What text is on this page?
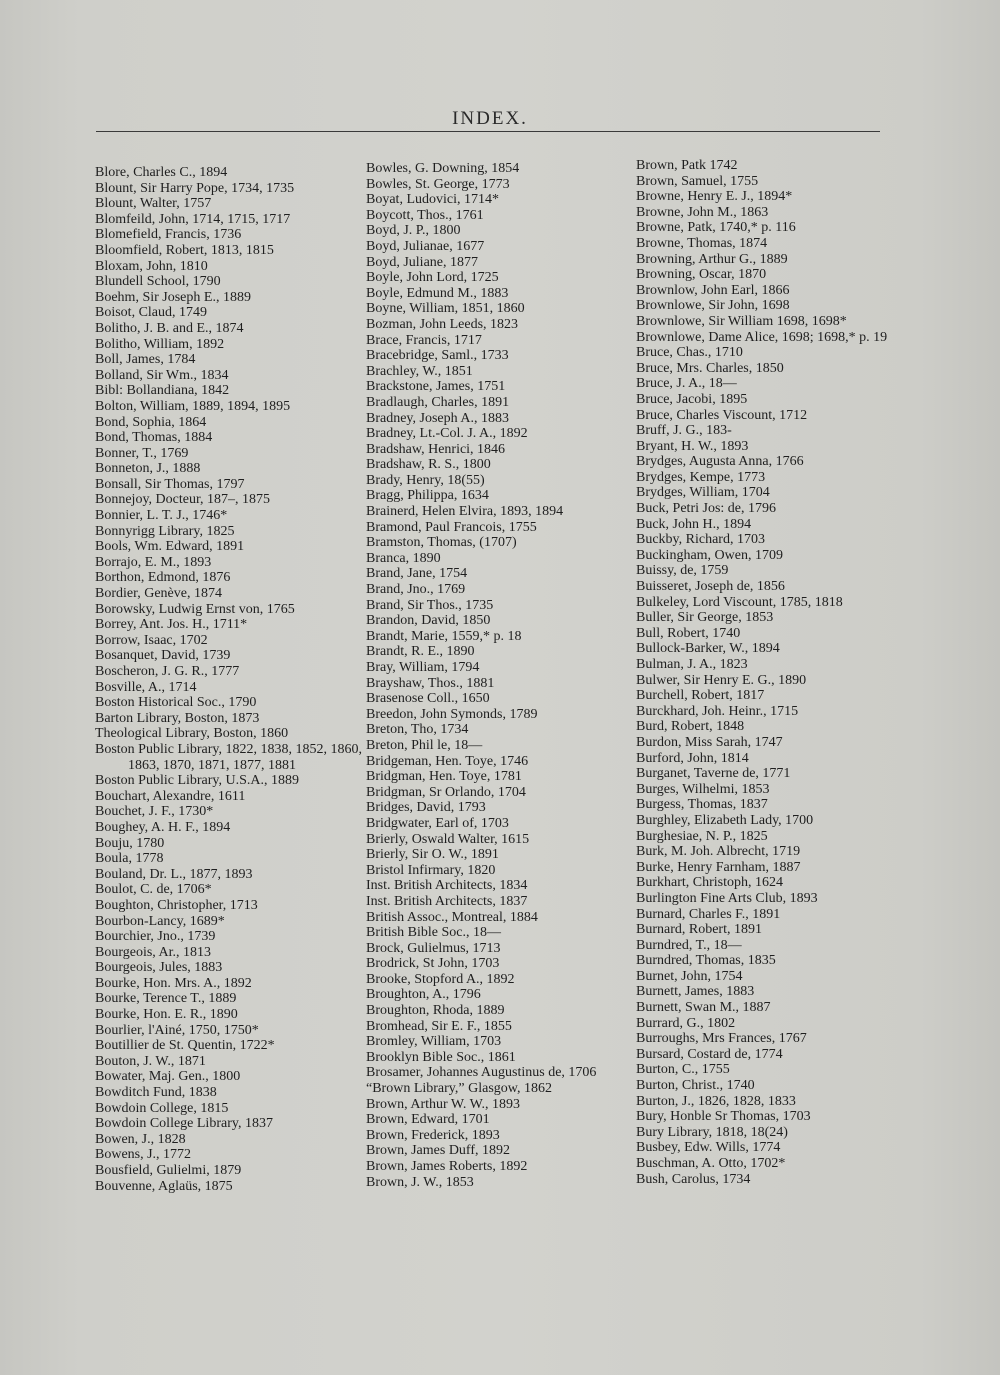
INDEX.
Blore, Charles C., 1894
Blount, Sir Harry Pope, 1734, 1735
Blount, Walter, 1757
Blomfeild, John, 1714, 1715, 1717
Blomefield, Francis, 1736
Bloomfield, Robert, 1813, 1815
Bloxam, John, 1810
Blundell School, 1790
Boehm, Sir Joseph E., 1889
Boisot, Claud, 1749
Bolitho, J. B. and E., 1874
Bolitho, William, 1892
Boll, James, 1784
Bolland, Sir Wm., 1834
Bibl: Bollandiana, 1842
Bolton, William, 1889, 1894, 1895
Bond, Sophia, 1864
Bond, Thomas, 1884
Bonner, T., 1769
Bonneton, J., 1888
Bonsall, Sir Thomas, 1797
Bonnejoy, Docteur, 187–, 1875
Bonnier, L. T. J., 1746*
Bonnyrigg Library, 1825
Bools, Wm. Edward, 1891
Borrajo, E. M., 1893
Borthon, Edmond, 1876
Bordier, Genève, 1874
Borowsky, Ludwig Ernst von, 1765
Borrey, Ant. Jos. H., 1711*
Borrow, Isaac, 1702
Bosanquet, David, 1739
Boscheron, J. G. R., 1777
Bosville, A., 1714
Boston Historical Soc., 1790
Barton Library, Boston, 1873
Theological Library, Boston, 1860
Boston Public Library, 1822, 1838, 1852, 1860, 1863, 1870, 1871, 1877, 1881
Boston Public Library, U.S.A., 1889
Bouchart, Alexandre, 1611
Bouchet, J. F., 1730*
Boughey, A. H. F., 1894
Bouju, 1780
Boula, 1778
Bouland, Dr. L., 1877, 1893
Boulot, C. de, 1706*
Boughton, Christopher, 1713
Bourbon-Lancy, 1689*
Bourchier, Jno., 1739
Bourgeois, Ar., 1813
Bourgeois, Jules, 1883
Bourke, Hon. Mrs. A., 1892
Bourke, Terence T., 1889
Bourke, Hon. E. R., 1890
Bourlier, l'Ainé, 1750, 1750*
Boutillier de St. Quentin, 1722*
Bouton, J. W., 1871
Bowater, Maj. Gen., 1800
Bowditch Fund, 1838
Bowdoin College, 1815
Bowdoin College Library, 1837
Bowen, J., 1828
Bowens, J., 1772
Bousfield, Gulielmi, 1879
Bouvenne, Aglaüs, 1875
Bowles, G. Downing, 1854
Bowles, St. George, 1773
Boyat, Ludovici, 1714*
Boycott, Thos., 1761
Boyd, J. P., 1800
Boyd, Julianae, 1677
Boyd, Juliane, 1877
Boyle, John Lord, 1725
Boyle, Edmund M., 1883
Boyne, William, 1851, 1860
Bozman, John Leeds, 1823
Brace, Francis, 1717
Bracebridge, Saml., 1733
Brachley, W., 1851
Brackstone, James, 1751
Bradlaugh, Charles, 1891
Bradney, Joseph A., 1883
Bradney, Lt.-Col. J. A., 1892
Bradshaw, Henrici, 1846
Bradshaw, R. S., 1800
Brady, Henry, 18(55)
Bragg, Philippa, 1634
Brainerd, Helen Elvira, 1893, 1894
Bramond, Paul Francois, 1755
Bramston, Thomas, (1707)
Branca, 1890
Brand, Jane, 1754
Brand, Jno., 1769
Brand, Sir Thos., 1735
Brandon, David, 1850
Brandt, Marie, 1559,* p. 18
Brandt, R. E., 1890
Bray, William, 1794
Brayshaw, Thos., 1881
Brasenose Coll., 1650
Breedon, John Symonds, 1789
Breton, Tho, 1734
Breton, Phil le, 18—
Bridgeman, Hen. Toye, 1746
Bridgman, Hen. Toye, 1781
Bridgman, Sr Orlando, 1704
Bridges, David, 1793
Bridgwater, Earl of, 1703
Brierly, Oswald Walter, 1615
Brierly, Sir O. W., 1891
Bristol Infirmary, 1820
Inst. British Architects, 1834
Inst. British Architects, 1837
British Assoc., Montreal, 1884
British Bible Soc., 18—
Brock, Gulielmus, 1713
Brodrick, St John, 1703
Brooke, Stopford A., 1892
Broughton, A., 1796
Broughton, Rhoda, 1889
Bromhead, Sir E. F., 1855
Bromley, William, 1703
Brooklyn Bible Soc., 1861
Brosamer, Johannes Augustinus de, 1706
“Brown Library,” Glasgow, 1862
Brown, Arthur W. W., 1893
Brown, Edward, 1701
Brown, Frederick, 1893
Brown, James Duff, 1892
Brown, James Roberts, 1892
Brown, J. W., 1853
Brown, Patk 1742
Brown, Samuel, 1755
Browne, Henry E. J., 1894*
Browne, John M., 1863
Browne, Patk, 1740,* p. 116
Browne, Thomas, 1874
Browning, Arthur G., 1889
Browning, Oscar, 1870
Brownlow, John Earl, 1866
Brownlowe, Sir John, 1698
Brownlowe, Sir William 1698, 1698*
Brownlowe, Dame Alice, 1698; 1698,* p. 19
Bruce, Chas., 1710
Bruce, Mrs. Charles, 1850
Bruce, J. A., 18—
Bruce, Jacobi, 1895
Bruce, Charles Viscount, 1712
Bruff, J. G., 183-
Bryant, H. W., 1893
Brydges, Augusta Anna, 1766
Brydges, Kempe, 1773
Brydges, William, 1704
Buck, Petri Jos: de, 1796
Buck, John H., 1894
Buckby, Richard, 1703
Buckingham, Owen, 1709
Buissy, de, 1759
Buisseret, Joseph de, 1856
Bulkeley, Lord Viscount, 1785, 1818
Buller, Sir George, 1853
Bull, Robert, 1740
Bullock-Barker, W., 1894
Bulman, J. A., 1823
Bulwer, Sir Henry E. G., 1890
Burchell, Robert, 1817
Burckhard, Joh. Heinr., 1715
Burd, Robert, 1848
Burdon, Miss Sarah, 1747
Burford, John, 1814
Burganet, Taverne de, 1771
Burges, Wilhelmi, 1853
Burgess, Thomas, 1837
Burghley, Elizabeth Lady, 1700
Burghesiae, N. P., 1825
Burk, M. Joh. Albrecht, 1719
Burke, Henry Farnham, 1887
Burkhart, Christoph, 1624
Burlington Fine Arts Club, 1893
Burnard, Charles F., 1891
Burnard, Robert, 1891
Burndred, T., 18—
Burndred, Thomas, 1835
Burnet, John, 1754
Burnett, James, 1883
Burnett, Swan M., 1887
Burrard, G., 1802
Burroughs, Mrs Frances, 1767
Bursard, Costard de, 1774
Burton, C., 1755
Burton, Christ., 1740
Burton, J., 1826, 1828, 1833
Bury, Honble Sr Thomas, 1703
Bury Library, 1818, 18(24)
Busbey, Edw. Wills, 1774
Buschman, A. Otto, 1702*
Bush, Carolus, 1734
